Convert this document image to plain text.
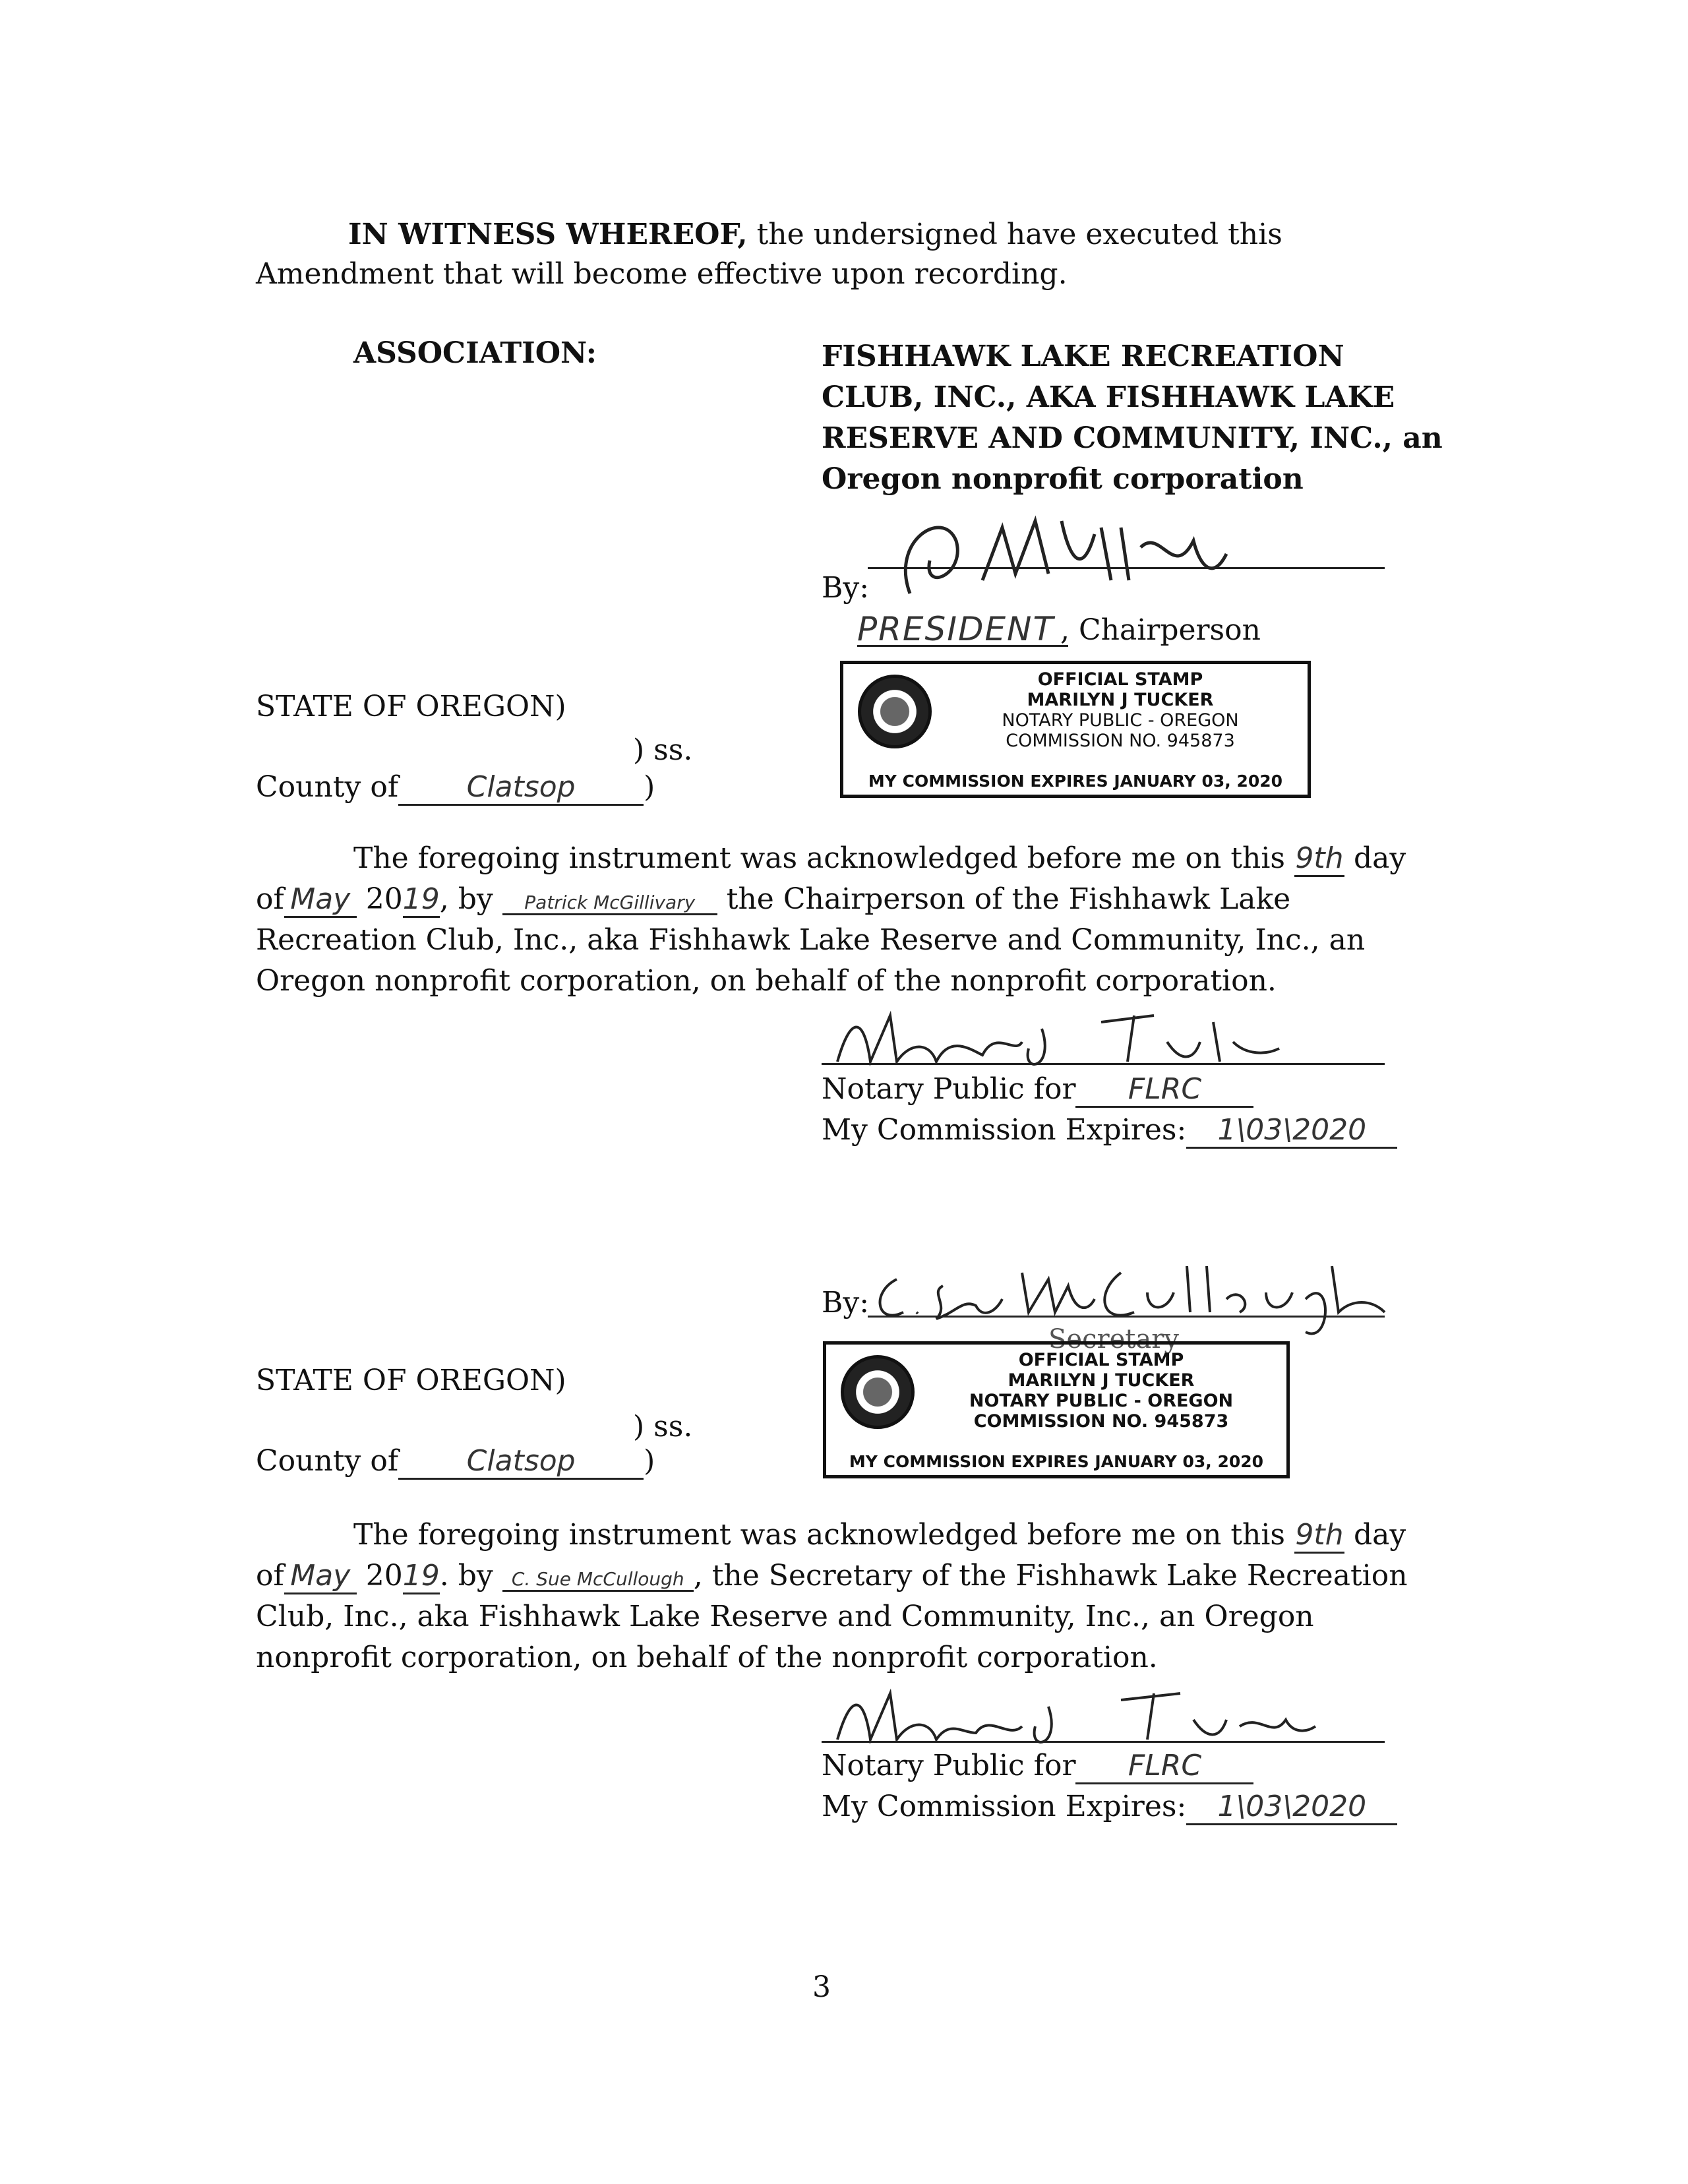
IN WITNESS WHEREOF, the undersigned have executed this
Amendment that will become effective upon recording.
ASSOCIATION:	FISHHAWK LAKE RECREATION
CLUB, INC., AKA FISHHAWK LAKE
RESERVE AND COMMUNITY, INC., an
Oregon nonprofit corporation
By:
PRESIDENT , Chairperson
OFFICIAL STAMP
MARILYN J TUCKER
NOTARY PUBLIC - OREGON
COMMISSION NO. 945873
MY COMMISSION EXPIRES JANUARY 03, 2020
STATE OF OREGON)
) ss.
County of Clatsop )
The foregoing instrument was acknowledged before me on this 9th day
of May 2019, by Patrick McGillivary the Chairperson of the Fishhawk Lake
Recreation Club, Inc., aka Fishhawk Lake Reserve and Community, Inc., an
Oregon nonprofit corporation, on behalf of the nonprofit corporation.
Notary Public for FLRC
My Commission Expires: 1\03\2020
By:
Secretary
OFFICIAL STAMP
MARILYN J TUCKER
NOTARY PUBLIC - OREGON
COMMISSION NO. 945873
MY COMMISSION EXPIRES JANUARY 03, 2020
STATE OF OREGON)
) ss.
County of Clatsop )
The foregoing instrument was acknowledged before me on this 9th day
of May 2019. by C. Sue McCullough , the Secretary of the Fishhawk Lake Recreation
Club, Inc., aka Fishhawk Lake Reserve and Community, Inc., an Oregon
nonprofit corporation, on behalf of the nonprofit corporation.
Notary Public for FLRC
My Commission Expires: 1\03\2020
3
